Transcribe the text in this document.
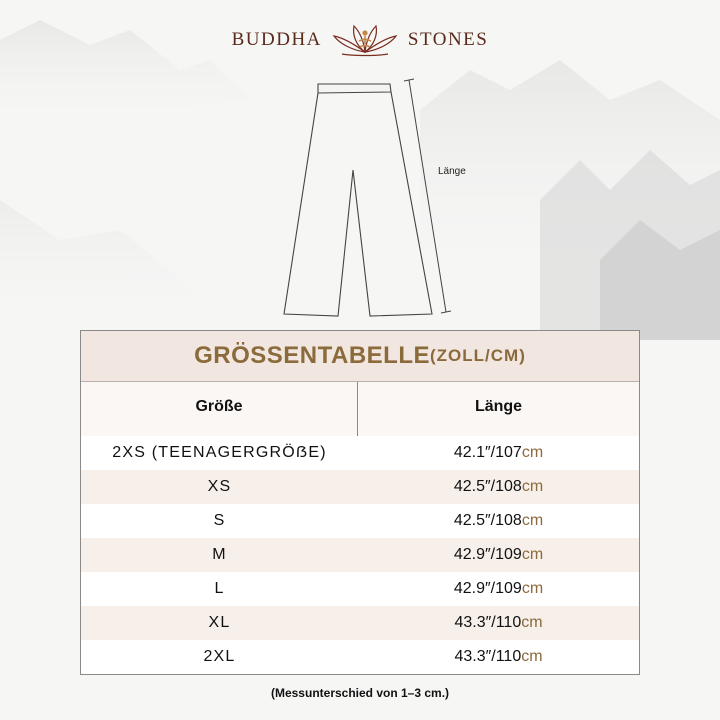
BUDDHA	STONES
Länge
GRÖSSENTABELLE (ZOLL/CM)
Größe	Länge
2XS (TEENAGERGRÖẞE)	42.1″/107cm
XS	42.5″/108cm
S	42.5″/108cm
M	42.9″/109cm
L	42.9″/109cm
XL	43.3″/110cm
2XL	43.3″/110cm
(Messunterschied von 1–3 cm.)
